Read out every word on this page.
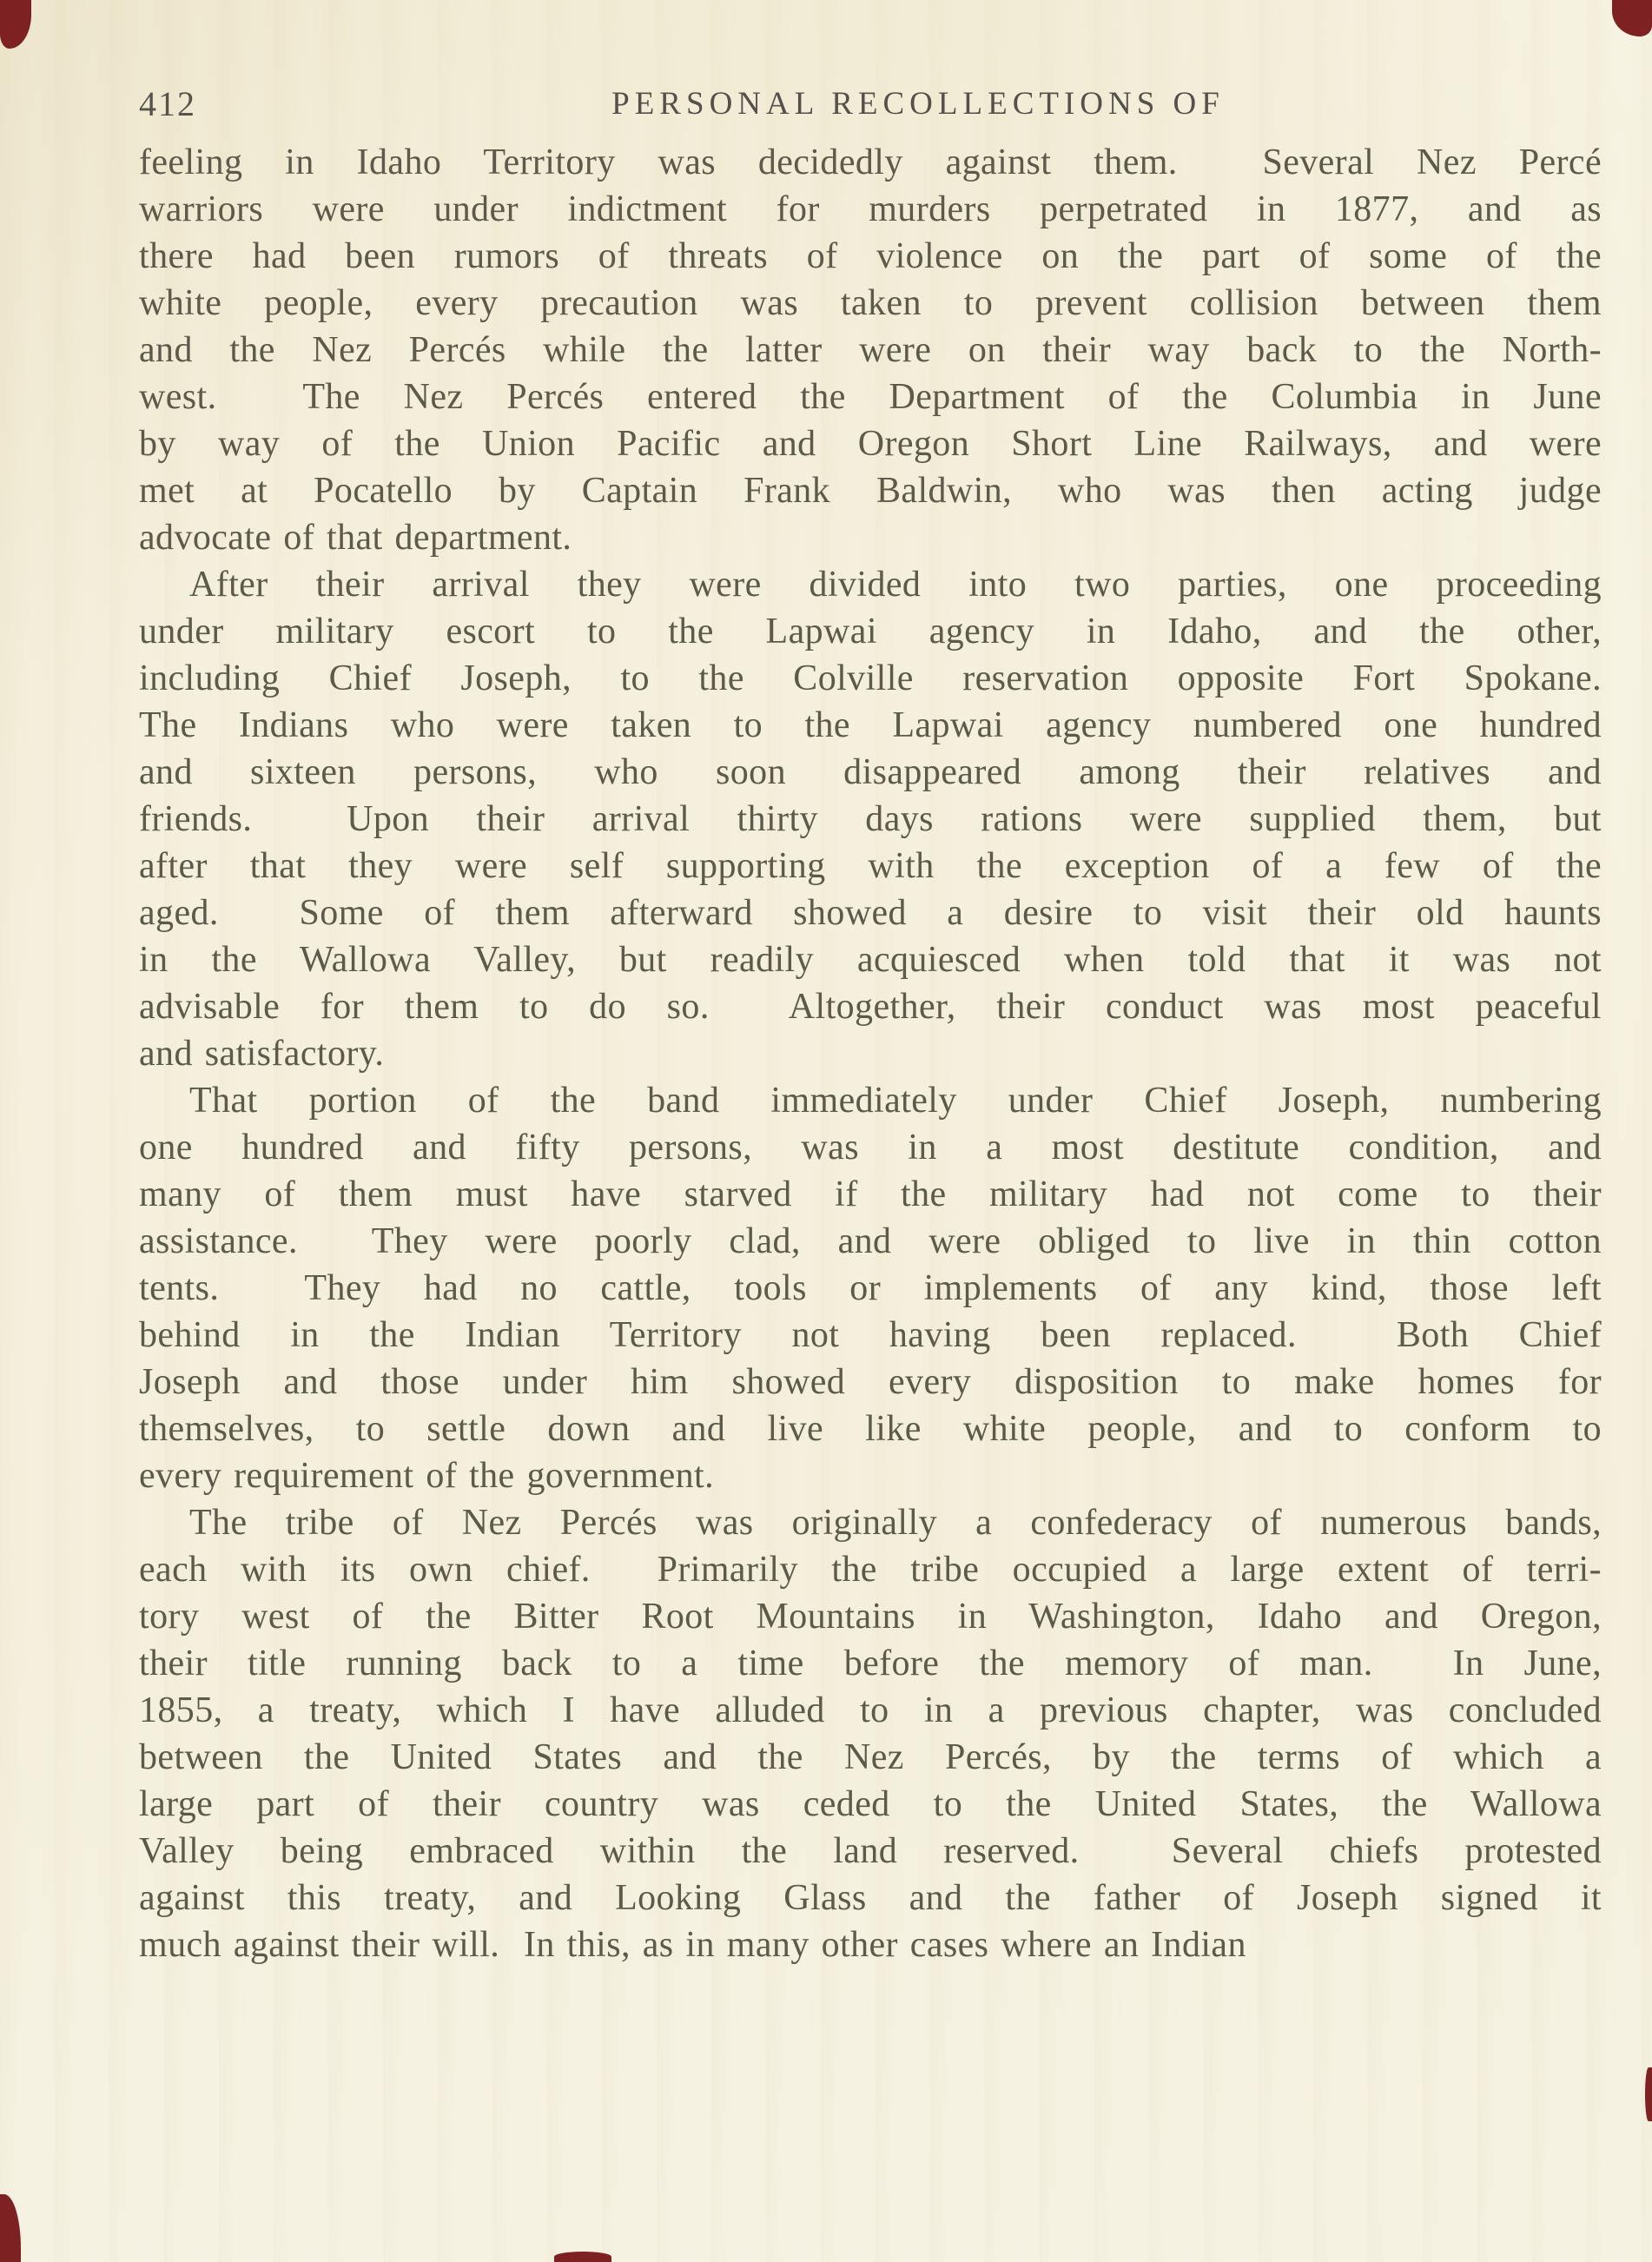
412	PERSONAL RECOLLECTIONS OF

feeling in Idaho Territory was decidedly against them.  Several Nez Percé
warriors were under indictment for murders perpetrated in 1877, and as
there had been rumors of threats of violence on the part of some of the
white people, every precaution was taken to prevent collision between them
and the Nez Percés while the latter were on their way back to the North-
west.  The Nez Percés entered the Department of the Columbia in June
by way of the Union Pacific and Oregon Short Line Railways, and were
met at Pocatello by Captain Frank Baldwin, who was then acting judge
advocate of that department.

After their arrival they were divided into two parties, one proceeding
under military escort to the Lapwai agency in Idaho, and the other,
including Chief Joseph, to the Colville reservation opposite Fort Spokane.
The Indians who were taken to the Lapwai agency numbered one hundred
and sixteen persons, who soon disappeared among their relatives and
friends.  Upon their arrival thirty days rations were supplied them, but
after that they were self supporting with the exception of a few of the
aged.  Some of them afterward showed a desire to visit their old haunts
in the Wallowa Valley, but readily acquiesced when told that it was not
advisable for them to do so.  Altogether, their conduct was most peaceful
and satisfactory.

That portion of the band immediately under Chief Joseph, numbering
one hundred and fifty persons, was in a most destitute condition, and
many of them must have starved if the military had not come to their
assistance.  They were poorly clad, and were obliged to live in thin cotton
tents.  They had no cattle, tools or implements of any kind, those left
behind in the Indian Territory not having been replaced.  Both Chief
Joseph and those under him showed every disposition to make homes for
themselves, to settle down and live like white people, and to conform to
every requirement of the government.

The tribe of Nez Percés was originally a confederacy of numerous bands,
each with its own chief.  Primarily the tribe occupied a large extent of terri-
tory west of the Bitter Root Mountains in Washington, Idaho and Oregon,
their title running back to a time before the memory of man.  In June,
1855, a treaty, which I have alluded to in a previous chapter, was concluded
between the United States and the Nez Percés, by the terms of which a
large part of their country was ceded to the United States, the Wallowa
Valley being embraced within the land reserved.  Several chiefs protested
against this treaty, and Looking Glass and the father of Joseph signed it
much against their will.  In this, as in many other cases where an Indian
